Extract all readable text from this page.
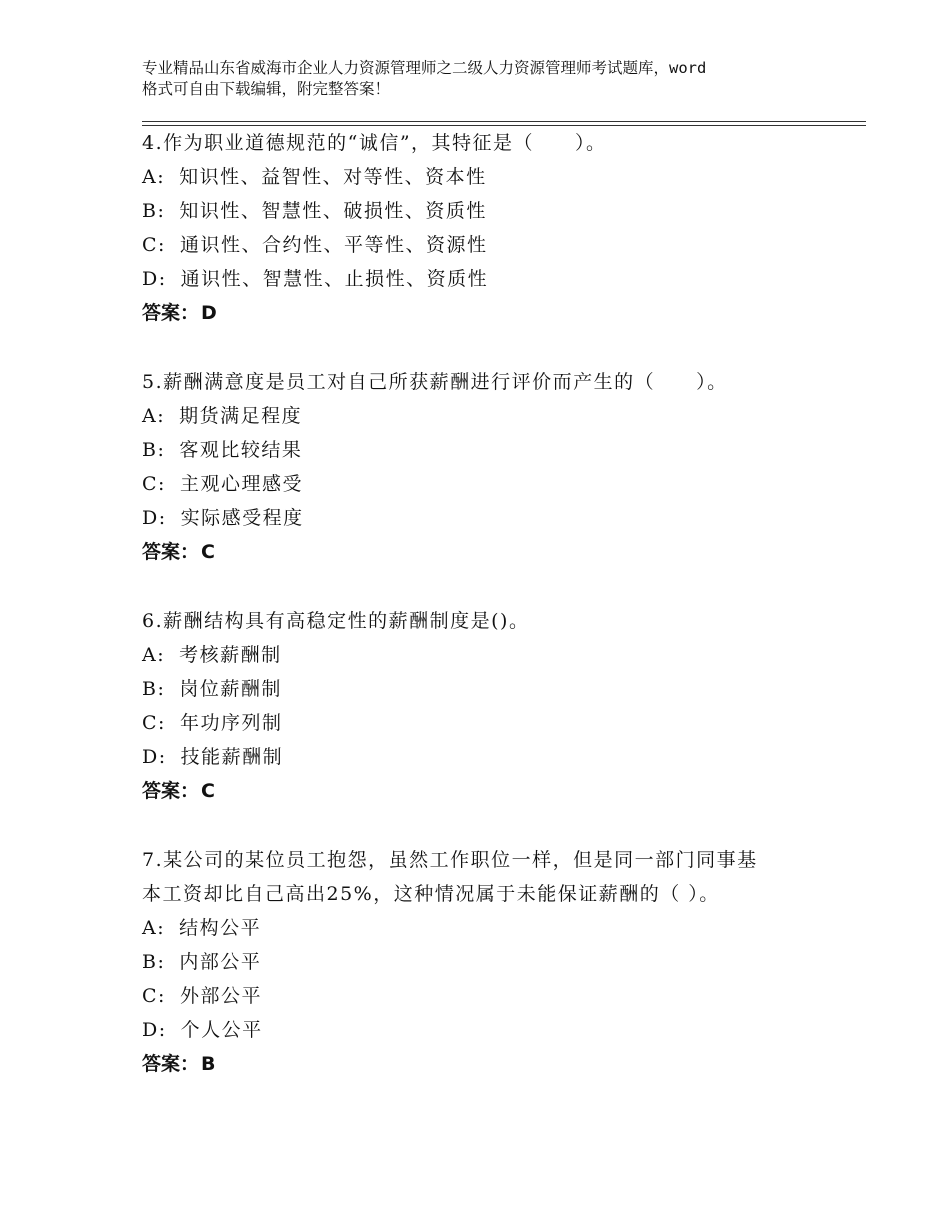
专业精品山东省威海市企业人力资源管理师之二级人力资源管理师考试题库，word
格式可自由下载编辑，附完整答案！

4.作为职业道德规范的“诚信”，其特征是（　　）。

A: 知识性、益智性、对等性、资本性

B: 知识性、智慧性、破损性、资质性

C: 通识性、合约性、平等性、资源性

D: 通识性、智慧性、止损性、资质性

答案： D

5.薪酬满意度是员工对自己所获薪酬进行评价而产生的（　　）。

A: 期货满足程度

B: 客观比较结果

C: 主观心理感受

D: 实际感受程度

答案： C

6.薪酬结构具有高稳定性的薪酬制度是()。

A: 考核薪酬制

B: 岗位薪酬制

C: 年功序列制

D: 技能薪酬制

答案： C

7.某公司的某位员工抱怨，虽然工作职位一样，但是同一部门同事基

本工资却比自己高出25%，这种情况属于未能保证薪酬的（ ）。

A: 结构公平

B: 内部公平

C: 外部公平

D: 个人公平

答案： B
